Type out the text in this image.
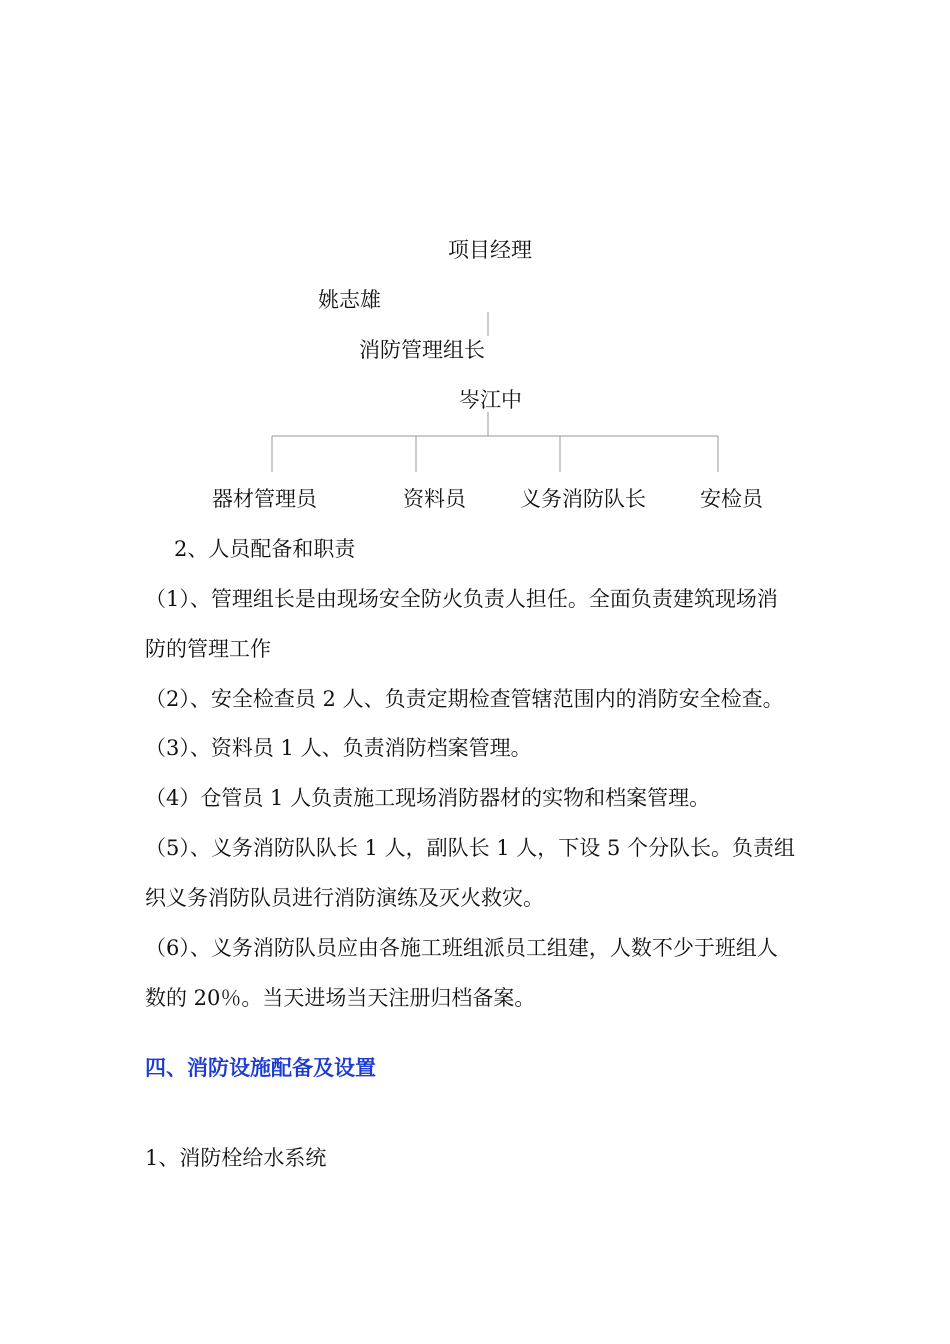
项目经理
姚志雄
消防管理组长
岑江中
器材管理员	资料员	义务消防队长	安检员
2、人员配备和职责
（1）、管理组长是由现场安全防火负责人担任。全面负责建筑现场消
防的管理工作
（2）、安全检查员 2 人、负责定期检查管辖范围内的消防安全检查。
（3）、资料员 1 人、负责消防档案管理。
（4）仓管员 1 人负责施工现场消防器材的实物和档案管理。
（5）、义务消防队队长 1 人，副队长 1 人，下设 5 个分队长。负责组
织义务消防队员进行消防演练及灭火救灾。
（6）、义务消防队员应由各施工班组派员工组建，人数不少于班组人
数的 20％。当天进场当天注册归档备案。
四、消防设施配备及设置
1、消防栓给水系统
